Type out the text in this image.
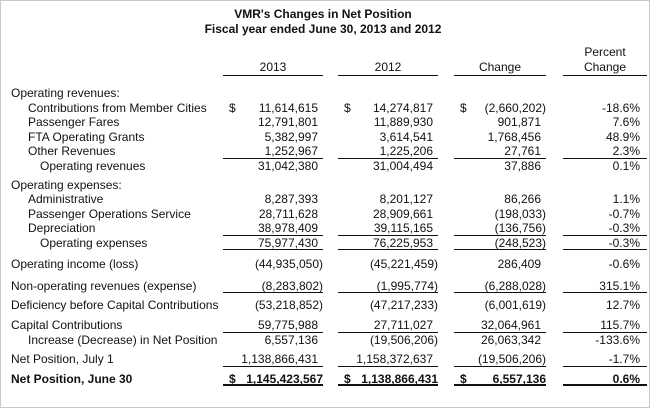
VMR's Changes in Net Position
Fiscal year ended June 30, 2013 and 2012
Percent
2013	2012	Change	Change
Operating revenues:
Contributions from Member Cities	$ 11,614,615 $ 14,274,817 $ (2,660,202)	-18.6%
Passenger Fares	12,791,801	11,889,930	901,871	7.6%
FTA Operating Grants	5,382,997	3,614,541	1,768,456	48.9%
Other Revenues	1,252,967	1,225,206	27,761	2.3%
Operating revenues	31,042,380	31,004,494	37,886	0.1%
Operating expenses:
Administrative	8,287,393	8,201,127	86,266	1.1%
Passenger Operations Service	28,711,628	28,909,661	(198,033)	-0.7%
Depreciation	38,978,409	39,115,165	(136,756)	-0.3%
Operating expenses	75,977,430	76,225,953	(248,523)	-0.3%
Operating income (loss)	(44,935,050)	(45,221,459)	286,409	-0.6%
Non-operating revenues (expense)	(8,283,802)	(1,995,774)	(6,288,028)	315.1%
Deficiency before Capital Contributions	(53,218,852)	(47,217,233)	(6,001,619)	12.7%
Capital Contributions	59,775,988	27,711,027	32,064,961	115.7%
Increase (Decrease) in Net Position	6,557,136	(19,506,206)	26,063,342	-133.6%
Net Position, July 1	1,138,866,431	1,158,372,637	(19,506,206)	-1.7%
Net Position, June 30	$ 1,145,423,567 $ 1,138,866,431 $ 6,557,136	0.6%
